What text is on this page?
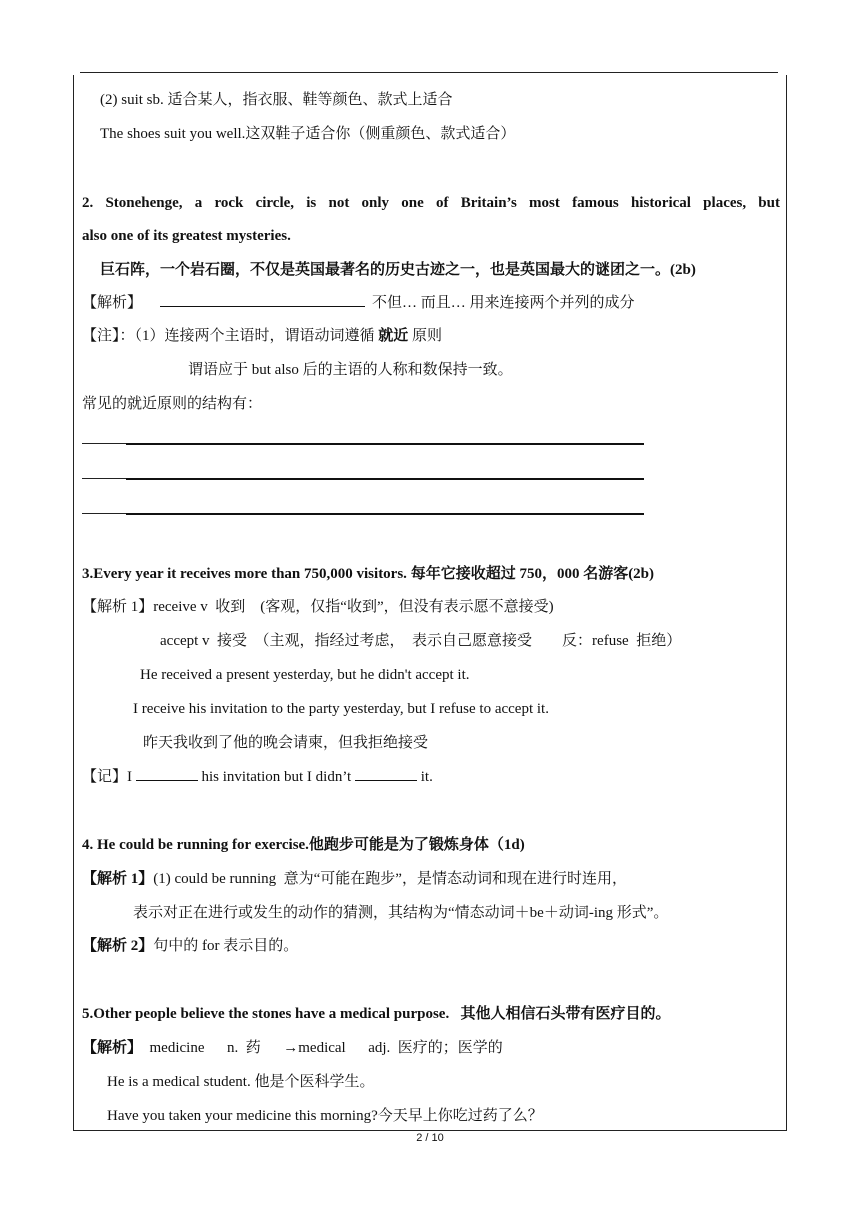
(2) suit sb. 适合某人，指衣服、鞋等颜色、款式上适合
The shoes suit you well.这双鞋子适合你（侧重颜色、款式适合）
2. Stonehenge, a rock circle, is not only one of Britain’s most famous historical places, but
also one of its greatest mysteries.
巨石阵，一个岩石圈，不仅是英国最著名的历史古迹之一，也是英国最大的谜团之一。(2b)
【解析】	不但… 而且… 用来连接两个并列的成分
【注】：（1）连接两个主语时，谓语动词遵循 就近 原则
谓语应于 but also 后的主语的人称和数保持一致。
常见的就近原则的结构有：
3.Every year it receives more than 750,000 visitors. 每年它接收超过 750，000 名游客(2b)
【解析 1】receive v  收到    (客观，仅指“收到”，但没有表示愿不意接受)
accept v  接受  （主观，指经过考虑，  表示自己愿意接受        反：refuse  拒绝）
He received a present yesterday, but he didn't accept it.
I receive his invitation to the party yesterday, but I refuse to accept it.
昨天我收到了他的晚会请柬，但我拒绝接受
【记】I	his invitation but I didn’t	it.
4. He could be running for exercise.他跑步可能是为了锻炼身体（1d)
【解析 1】(1) could be running  意为“可能在跑步”，是情态动词和现在进行时连用，
表示对正在进行或发生的动作的猜测，其结构为“情态动词＋be＋动词-ing 形式”。
【解析 2】句中的 for 表示目的。
5.Other people believe the stones have a medical purpose.   其他人相信石头带有医疗目的。
【解析】  medicine      n.  药      →medical      adj.  医疗的；医学的
He is a medical student. 他是个医科学生。
Have you taken your medicine this morning?今天早上你吃过药了么？
2 / 10
